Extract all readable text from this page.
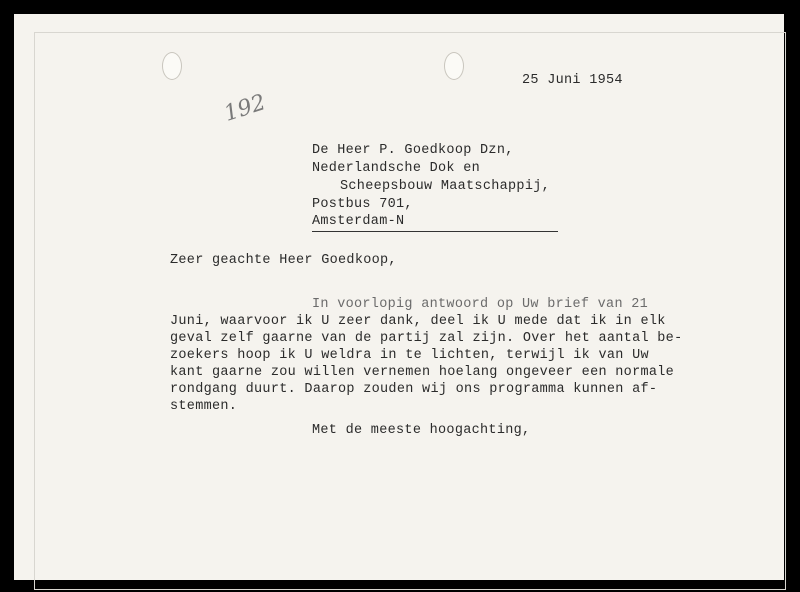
25 Juni 1954
192
De Heer P. Goedkoop Dzn,
Nederlandsche Dok en
Scheepsbouw Maatschappij,
Postbus 701,
Amsterdam-N
Zeer geachte Heer Goedkoop,
In voorlopig antwoord op Uw brief van 21
Juni, waarvoor ik U zeer dank, deel ik U mede dat ik in elk
geval zelf gaarne van de partij zal zijn. Over het aantal be-
zoekers hoop ik U weldra in te lichten, terwijl ik van Uw
kant gaarne zou willen vernemen hoelang ongeveer een normale
rondgang duurt. Daarop zouden wij ons programma kunnen af-
stemmen.
Met de meeste hoogachting,
